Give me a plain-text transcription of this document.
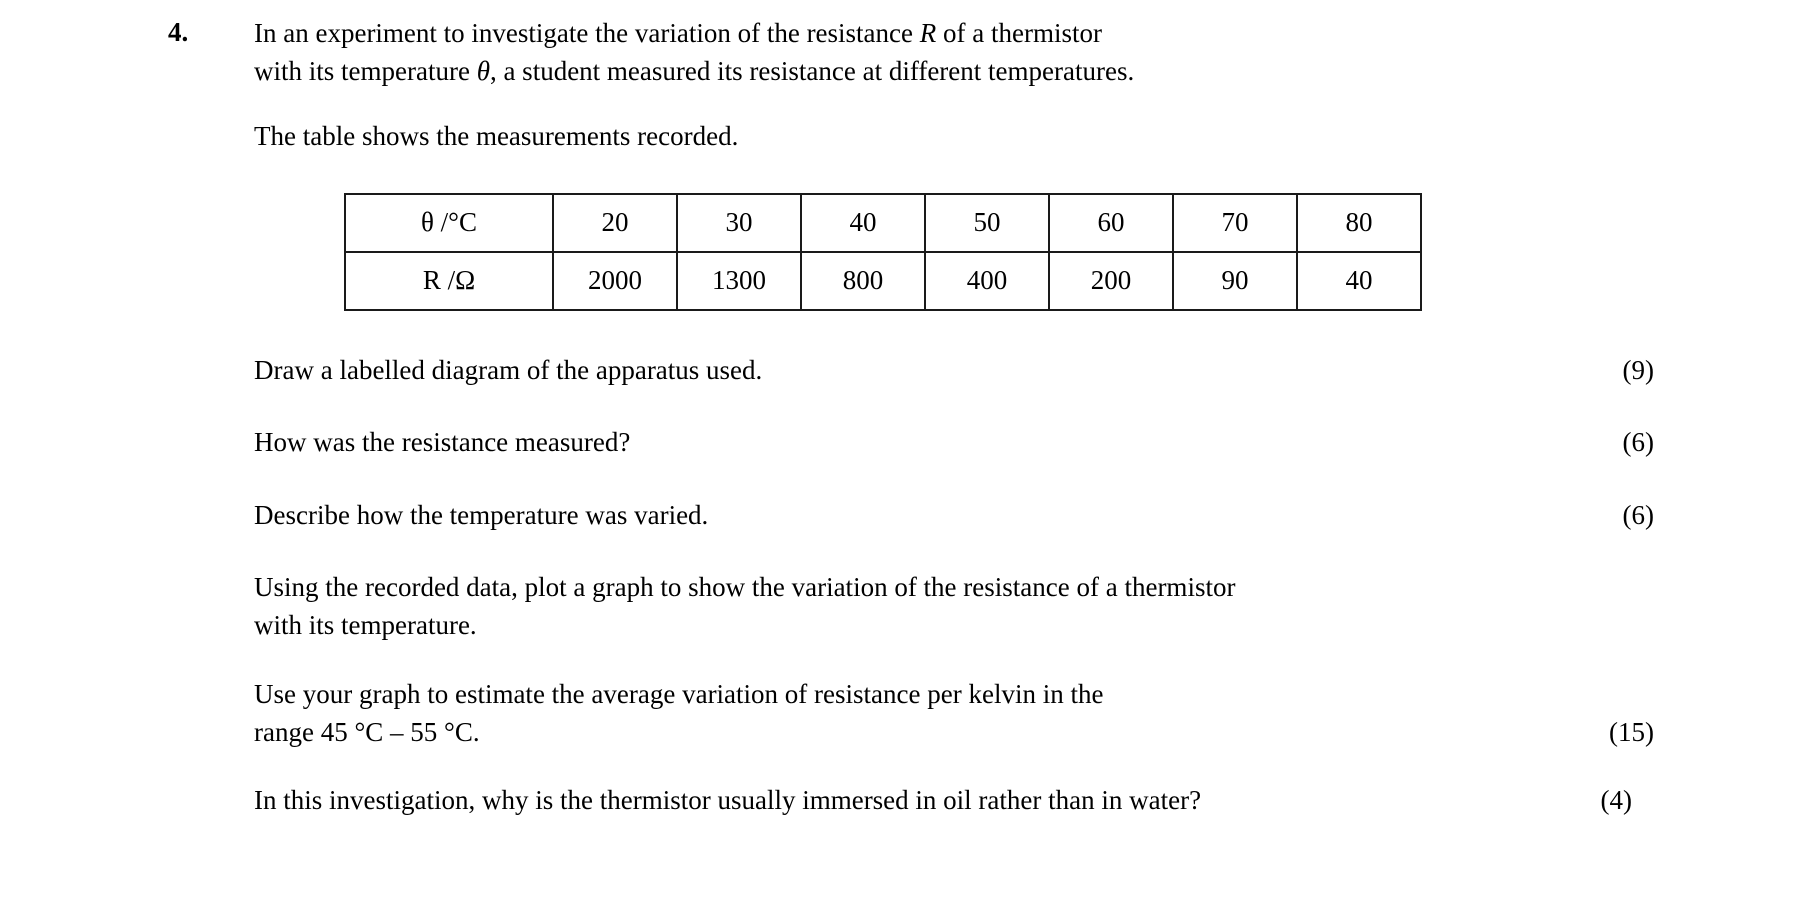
4. In an experiment to investigate the variation of the resistance R of a thermistor
with its temperature θ, a student measured its resistance at different temperatures.
The table shows the measurements recorded.
θ /°C	20	30	40	50	60	70	80
R /Ω	2000	1300	800	400	200	90	40
Draw a labelled diagram of the apparatus used.	(9)
How was the resistance measured?	(6)
Describe how the temperature was varied.	(6)
Using the recorded data, plot a graph to show the variation of the resistance of a thermistor
with its temperature.
Use your graph to estimate the average variation of resistance per kelvin in the
range 45 °C – 55 °C.	(15)
In this investigation, why is the thermistor usually immersed in oil rather than in water?	(4)
